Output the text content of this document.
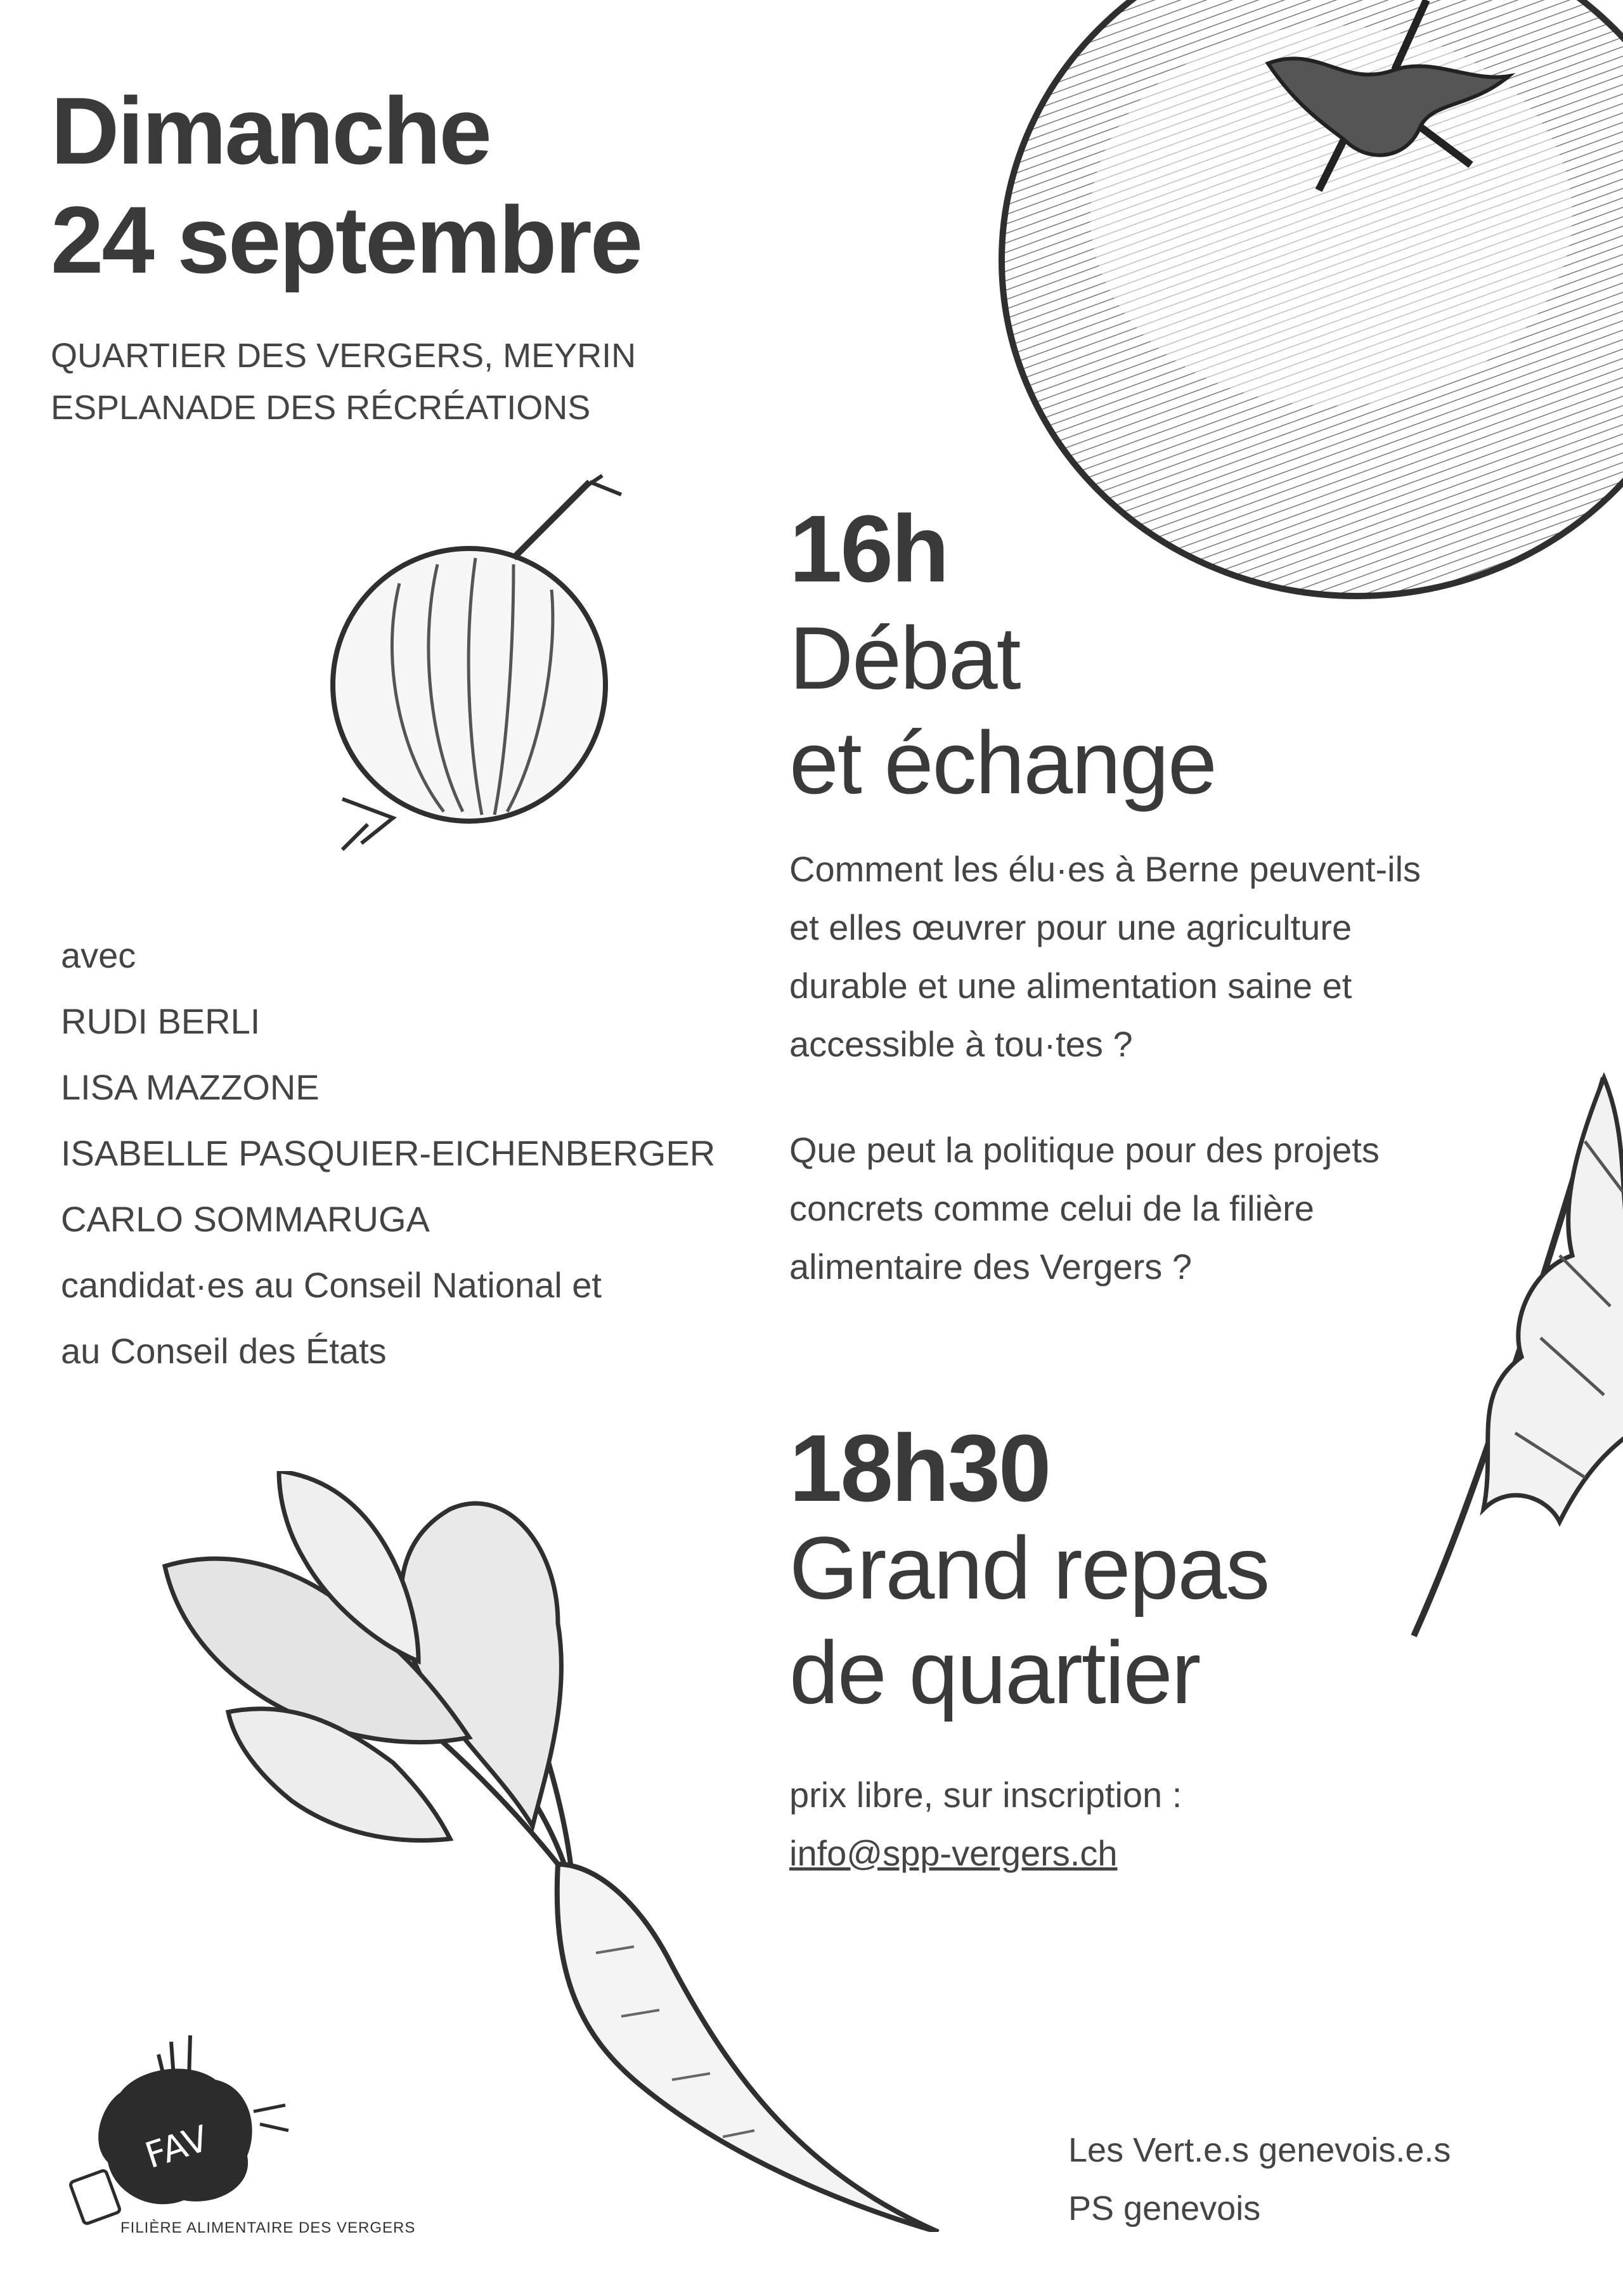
Dimanche
24 septembre
QUARTIER DES VERGERS, MEYRIN
ESPLANADE DES RÉCRÉATIONS
16h
Débat
et échange
Comment les élu·es à Berne peuvent-ils
et elles œuvrer pour une agriculture
durable et une alimentation saine et
accessible à tou·tes ?
Que peut la politique pour des projets
concrets comme celui de la filière
alimentaire des Vergers ?
avec
RUDI BERLI
LISA MAZZONE
ISABELLE PASQUIER-EICHENBERGER
CARLO SOMMARUGA
candidat·es au Conseil National et
au Conseil des États
18h30
Grand repas
de quartier
prix libre, sur inscription :
info@spp-vergers.ch
FAV
FILIÈRE ALIMENTAIRE DES VERGERS
Les Vert.e.s genevois.e.s
PS genevois
